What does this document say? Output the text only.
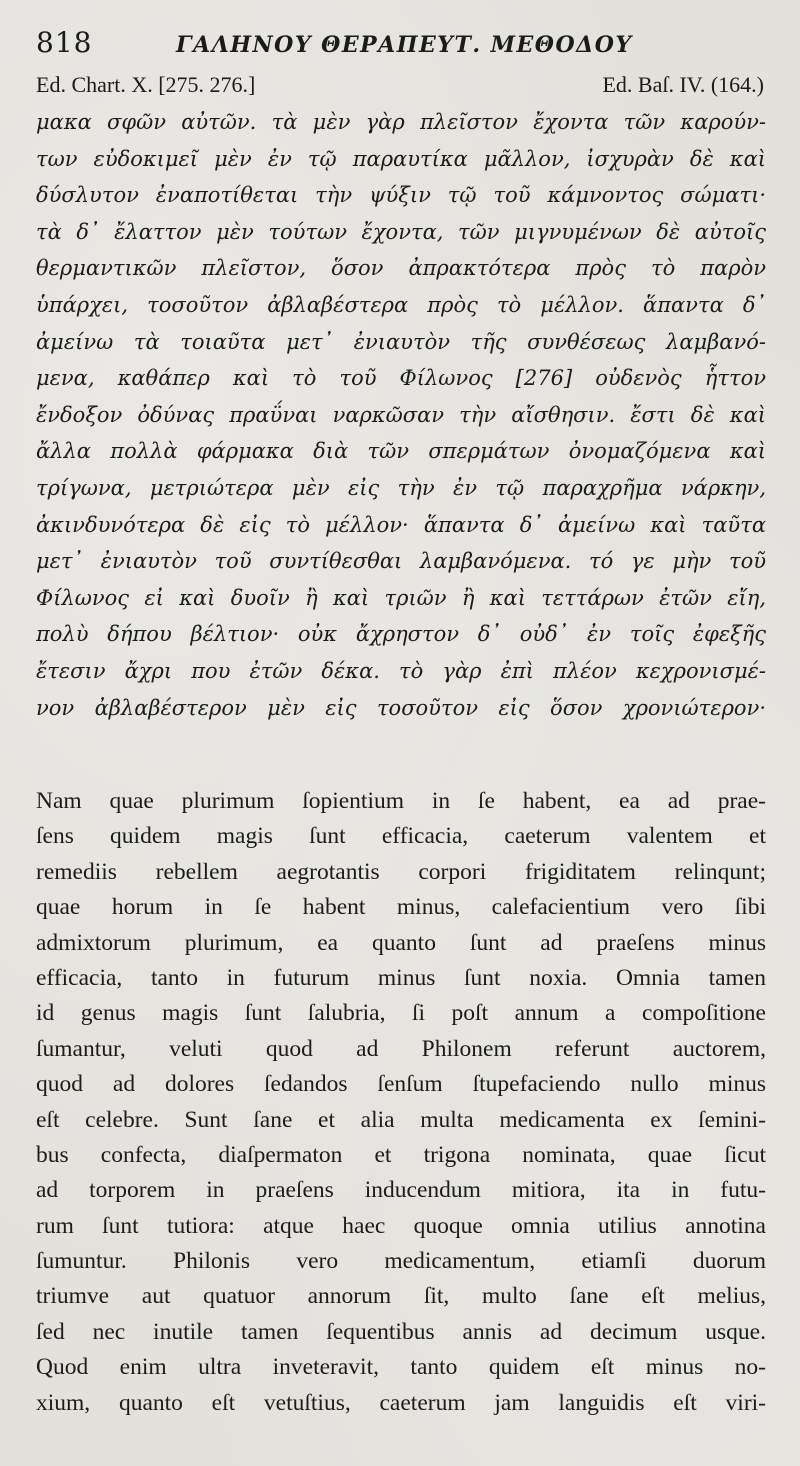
818	ΓΑΛΗΝΟΥ ΘΕΡΑΠΕΥΤ. ΜΕΘΟΔΟΥ
Ed. Chart. X. [275. 276.]	Ed. Baſ. IV. (164.)
μακα σφῶν αὐτῶν. τὰ μὲν γὰρ πλεῖστον ἔχοντα τῶν καρούν-
των εὐδοκιμεῖ μὲν ἐν τῷ παραυτίκα μᾶλλον, ἰσχυρὰν δὲ καὶ
δύσλυτον ἐναποτίθεται τὴν ψύξιν τῷ τοῦ κάμνοντος σώματι·
τὰ δ᾽ ἔλαττον μὲν τούτων ἔχοντα, τῶν μιγνυμένων δὲ αὐτοῖς
θερμαντικῶν πλεῖστον, ὅσον ἀπρακτότερα πρὸς τὸ παρὸν
ὑπάρχει, τοσοῦτον ἀβλαβέστερα πρὸς τὸ μέλλον. ἅπαντα δ᾽
ἀμείνω τὰ τοιαῦτα μετ᾽ ἐνιαυτὸν τῆς συνθέσεως λαμβανό-
μενα, καθάπερ καὶ τὸ τοῦ Φίλωνος [276] οὐδενὸς ἧττον
ἔνδοξον ὀδύνας πραΰναι ναρκῶσαν τὴν αἴσθησιν. ἔστι δὲ καὶ
ἄλλα πολλὰ φάρμακα διὰ τῶν σπερμάτων ὀνομαζόμενα καὶ
τρίγωνα, μετριώτερα μὲν εἰς τὴν ἐν τῷ παραχρῆμα νάρκην,
ἀκινδυνότερα δὲ εἰς τὸ μέλλον· ἅπαντα δ᾽ ἀμείνω καὶ ταῦτα
μετ᾽ ἐνιαυτὸν τοῦ συντίθεσθαι λαμβανόμενα. τό γε μὴν τοῦ
Φίλωνος εἰ καὶ δυοῖν ἢ καὶ τριῶν ἢ καὶ τεττάρων ἐτῶν εἴη,
πολὺ δήπου βέλτιον· οὐκ ἄχρηστον δ᾽ οὐδ᾽ ἐν τοῖς ἐφεξῆς
ἔτεσιν ἄχρι που ἐτῶν δέκα. τὸ γὰρ ἐπὶ πλέον κεχρονισμέ-
νον ἀβλαβέστερον μὲν εἰς τοσοῦτον εἰς ὅσον χρονιώτερον·
Nam quae plurimum ſopientium in ſe habent, ea ad prae-
ſens quidem magis ſunt efficacia, caeterum valentem et
remediis rebellem aegrotantis corpori frigiditatem relinqunt;
quae horum in ſe habent minus, calefacientium vero ſibi
admixtorum plurimum, ea quanto ſunt ad praeſens minus
efficacia, tanto in futurum minus ſunt noxia. Omnia tamen
id genus magis ſunt ſalubria, ſi poſt annum a compoſitione
ſumantur, veluti quod ad Philonem referunt auctorem,
quod ad dolores ſedandos ſenſum ſtupefaciendo nullo minus
eſt celebre. Sunt ſane et alia multa medicamenta ex ſemini-
bus confecta, diaſpermaton et trigona nominata, quae ſicut
ad torporem in praeſens inducendum mitiora, ita in futu-
rum ſunt tutiora: atque haec quoque omnia utilius annotina
ſumuntur. Philonis vero medicamentum, etiamſi duorum
triumve aut quatuor annorum ſit, multo ſane eſt melius,
ſed nec inutile tamen ſequentibus annis ad decimum usque.
Quod enim ultra inveteravit, tanto quidem eſt minus no-
xium, quanto eſt vetuſtius, caeterum jam languidis eſt viri-
